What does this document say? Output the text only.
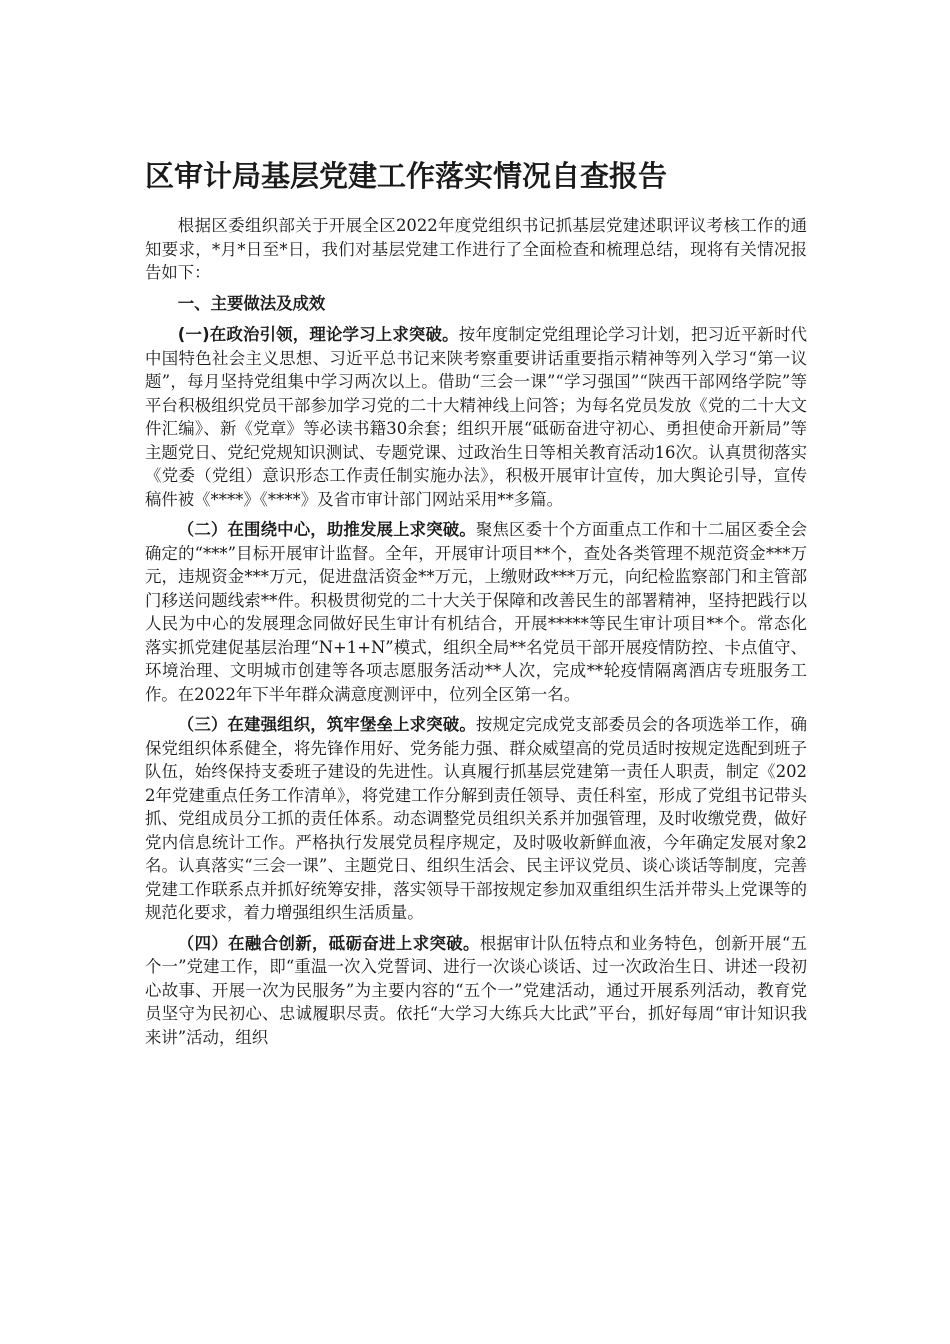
区审计局基层党建工作落实情况自查报告

根据区委组织部关于开展全区2022年度党组织书记抓基层党建述职评议考核工作的通知要求，*月*日至*日，我们对基层党建工作进行了全面检查和梳理总结，现将有关情况报告如下：

一、主要做法及成效

(一)在政治引领，理论学习上求突破。按年度制定党组理论学习计划，把习近平新时代中国特色社会主义思想、习近平总书记来陕考察重要讲话重要指示精神等列入学习“第一议题”，每月坚持党组集中学习两次以上。借助“三会一课”“学习强国”“陕西干部网络学院”等平台积极组织党员干部参加学习党的二十大精神线上问答；为每名党员发放《党的二十大文件汇编》、新《党章》等必读书籍30余套；组织开展“砥砺奋进守初心、勇担使命开新局”等主题党日、党纪党规知识测试、专题党课、过政治生日等相关教育活动16次。认真贯彻落实《党委（党组）意识形态工作责任制实施办法》，积极开展审计宣传，加大舆论引导，宣传稿件被《****》《****》及省市审计部门网站采用**多篇。

（二）在围绕中心，助推发展上求突破。聚焦区委十个方面重点工作和十二届区委全会确定的“***”目标开展审计监督。全年，开展审计项目**个，查处各类管理不规范资金***万元，违规资金***万元，促进盘活资金**万元，上缴财政***万元，向纪检监察部门和主管部门移送问题线索**件。积极贯彻党的二十大关于保障和改善民生的部署精神，坚持把践行以人民为中心的发展理念同做好民生审计有机结合，开展*****等民生审计项目**个。常态化落实抓党建促基层治理“N+1+N”模式，组织全局**名党员干部开展疫情防控、卡点值守、环境治理、文明城市创建等各项志愿服务活动**人次，完成**轮疫情隔离酒店专班服务工作。在2022年下半年群众满意度测评中，位列全区第一名。

（三）在建强组织，筑牢堡垒上求突破。按规定完成党支部委员会的各项选举工作，确保党组织体系健全，将先锋作用好、党务能力强、群众威望高的党员适时按规定选配到班子队伍，始终保持支委班子建设的先进性。认真履行抓基层党建第一责任人职责，制定《2022年党建重点任务工作清单》，将党建工作分解到责任领导、责任科室，形成了党组书记带头抓、党组成员分工抓的责任体系。动态调整党员组织关系并加强管理，及时收缴党费，做好党内信息统计工作。严格执行发展党员程序规定，及时吸收新鲜血液，今年确定发展对象2名。认真落实“三会一课”、主题党日、组织生活会、民主评议党员、谈心谈话等制度，完善党建工作联系点并抓好统筹安排，落实领导干部按规定参加双重组织生活并带头上党课等的规范化要求，着力增强组织生活质量。

（四）在融合创新，砥砺奋进上求突破。根据审计队伍特点和业务特色，创新开展“五个一”党建工作，即“重温一次入党誓词、进行一次谈心谈话、过一次政治生日、讲述一段初心故事、开展一次为民服务”为主要内容的“五个一”党建活动，通过开展系列活动，教育党员坚守为民初心、忠诚履职尽责。依托“大学习大练兵大比武”平台，抓好每周“审计知识我来讲”活动，组织
